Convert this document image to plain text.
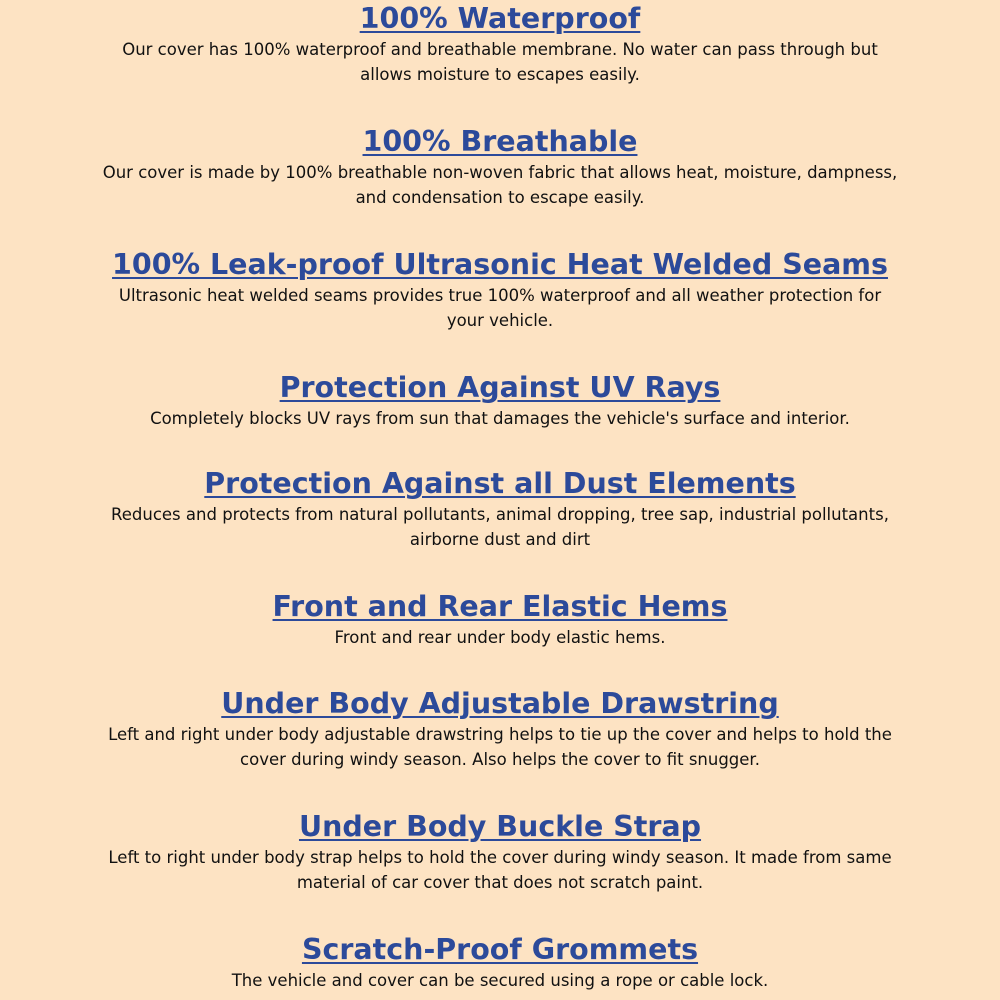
100% Waterproof

Our cover has 100% waterproof and breathable membrane. No water can pass through but

allows moisture to escapes easily.

100% Breathable

Our cover is made by 100% breathable non-woven fabric that allows heat, moisture, dampness,

and condensation to escape easily.

100% Leak-proof Ultrasonic Heat Welded Seams

Ultrasonic heat welded seams provides true 100% waterproof and all weather protection for

your vehicle.

Protection Against UV Rays

Completely blocks UV rays from sun that damages the vehicle's surface and interior.

Protection Against all Dust Elements

Reduces and protects from natural pollutants, animal dropping, tree sap, industrial pollutants,

airborne dust and dirt

Front and Rear Elastic Hems

Front and rear under body elastic hems.

Under Body Adjustable Drawstring

Left and right under body adjustable drawstring helps to tie up the cover and helps to hold the

cover during windy season. Also helps the cover to fit snugger.

Under Body Buckle Strap

Left to right under body strap helps to hold the cover during windy season. It made from same

material of car cover that does not scratch paint.

Scratch-Proof Grommets

The vehicle and cover can be secured using a rope or cable lock.
